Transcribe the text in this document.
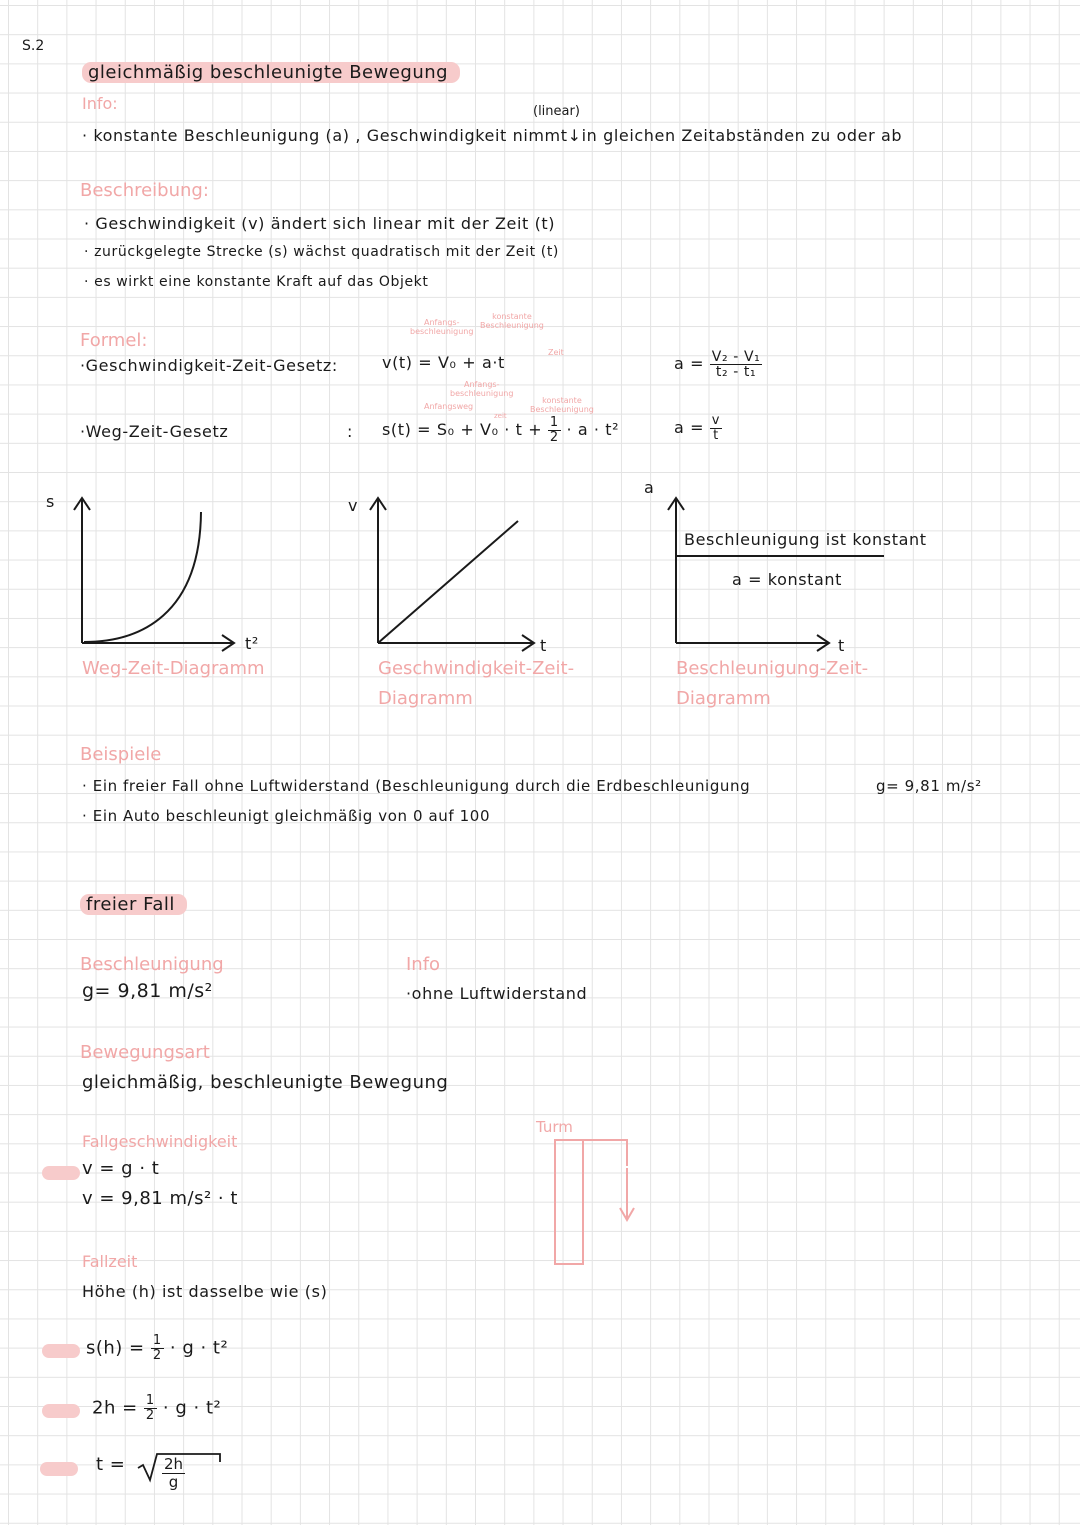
S.2
gleichmäßig beschleunigte Bewegung
Info:	(linear)
· konstante Beschleunigung (a) , Geschwindigkeit nimmt↓in gleichen Zeitabständen zu oder ab
Beschreibung:
· Geschwindigkeit (v) ändert sich linear mit der Zeit (t)
· zurückgelegte Strecke (s) wächst quadratisch mit der Zeit (t)
· es wirkt eine konstante Kraft auf das Objekt
Formel:
·Geschwindigkeit-Zeit-Gesetz:
Anfangs-
beschleunigung
konstante
Beschleunigung
Zeit
v(t) = V₀ + a·t
Anfangs-
beschleunigung
Anfangsweg
konstante
Beschleunigung
zeit
·Weg-Zeit-Gesetz	: $s(t) = S_0 + V_0 \cdot t + \frac{1}{2} \cdot a \cdot t^2$
$a = \frac{\text{V₂ - V₁}}{\text{t₂ - t₁}}$
$a = \frac{v}{t}$
s
t²
Weg-Zeit-Diagramm
v
t
Geschwindigkeit-Zeit-
Diagramm
a
t
Beschleunigung ist konstant
a = konstant
Beschleunigung-Zeit-
Diagramm
Beispiele
· Ein freier Fall ohne Luftwiderstand (Beschleunigung durch die Erdbeschleunigung	g= 9,81 m/s²
· Ein Auto beschleunigt gleichmäßig von 0 auf 100
freier Fall
Beschleunigung
g= 9,81 m/s²
Info
·ohne Luftwiderstand
Bewegungsart
gleichmäßig, beschleunigte Bewegung
Turm
Fallgeschwindigkeit
v = g · t
v = 9,81 m/s² · t
Fallzeit
Höhe (h) ist dasselbe wie (s)
$s(h) = \frac{1}{2} \cdot g \cdot t^2$
$2h = \frac{1}{2} \cdot g \cdot t^2$
$t = \frac{2h}{g}$
